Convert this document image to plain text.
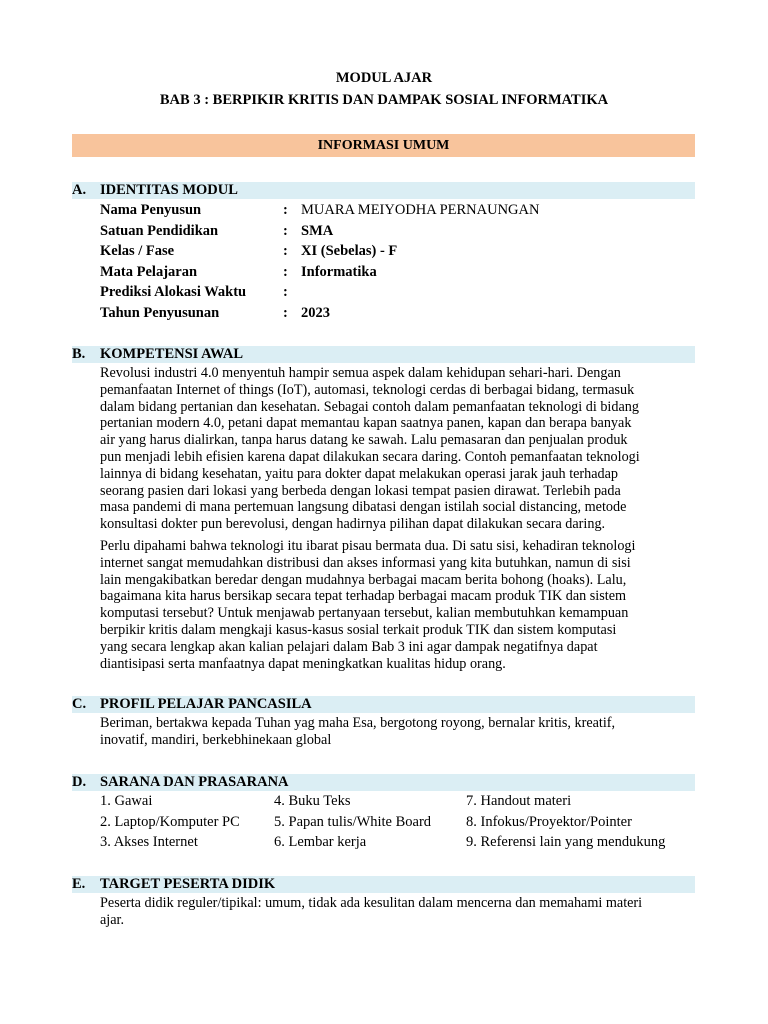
MODUL AJAR
BAB 3 : BERPIKIR KRITIS DAN DAMPAK SOSIAL INFORMATIKA
INFORMASI UMUM
A. IDENTITAS MODUL
Nama Penyusun	: MUARA MEIYODHA PERNAUNGAN
Satuan Pendidikan	: SMA
Kelas / Fase	: XI (Sebelas) - F
Mata Pelajaran	: Informatika
Prediksi Alokasi Waktu	:
Tahun Penyusunan	: 2023
B. KOMPETENSI AWAL
Revolusi industri 4.0 menyentuh hampir semua aspek dalam kehidupan sehari-hari. Dengan
pemanfaatan Internet of things (IoT), automasi, teknologi cerdas di berbagai bidang, termasuk
dalam bidang pertanian dan kesehatan. Sebagai contoh dalam pemanfaatan teknologi di bidang
pertanian modern 4.0, petani dapat memantau kapan saatnya panen, kapan dan berapa banyak
air yang harus dialirkan, tanpa harus datang ke sawah. Lalu pemasaran dan penjualan produk
pun menjadi lebih efisien karena dapat dilakukan secara daring. Contoh pemanfaatan teknologi
lainnya di bidang kesehatan, yaitu para dokter dapat melakukan operasi jarak jauh terhadap
seorang pasien dari lokasi yang berbeda dengan lokasi tempat pasien dirawat. Terlebih pada
masa pandemi di mana pertemuan langsung dibatasi dengan istilah social distancing, metode
konsultasi dokter pun berevolusi, dengan hadirnya pilihan dapat dilakukan secara daring.
Perlu dipahami bahwa teknologi itu ibarat pisau bermata dua. Di satu sisi, kehadiran teknologi
internet sangat memudahkan distribusi dan akses informasi yang kita butuhkan, namun di sisi
lain mengakibatkan beredar dengan mudahnya berbagai macam berita bohong (hoaks). Lalu,
bagaimana kita harus bersikap secara tepat terhadap berbagai macam produk TIK dan sistem
komputasi tersebut? Untuk menjawab pertanyaan tersebut, kalian membutuhkan kemampuan
berpikir kritis dalam mengkaji kasus-kasus sosial terkait produk TIK dan sistem komputasi
yang secara lengkap akan kalian pelajari dalam Bab 3 ini agar dampak negatifnya dapat
diantisipasi serta manfaatnya dapat meningkatkan kualitas hidup orang.
C. PROFIL PELAJAR PANCASILA
Beriman, bertakwa kepada Tuhan yag maha Esa, bergotong royong, bernalar kritis, kreatif,
inovatif, mandiri, berkebhinekaan global
D. SARANA DAN PRASARANA
1. Gawai	4. Buku Teks	7. Handout materi
2. Laptop/Komputer PC 5. Papan tulis/White Board 8. Infokus/Proyektor/Pointer
3. Akses Internet	6. Lembar kerja	9. Referensi lain yang mendukung
E. TARGET PESERTA DIDIK
Peserta didik reguler/tipikal: umum, tidak ada kesulitan dalam mencerna dan memahami materi
ajar.
